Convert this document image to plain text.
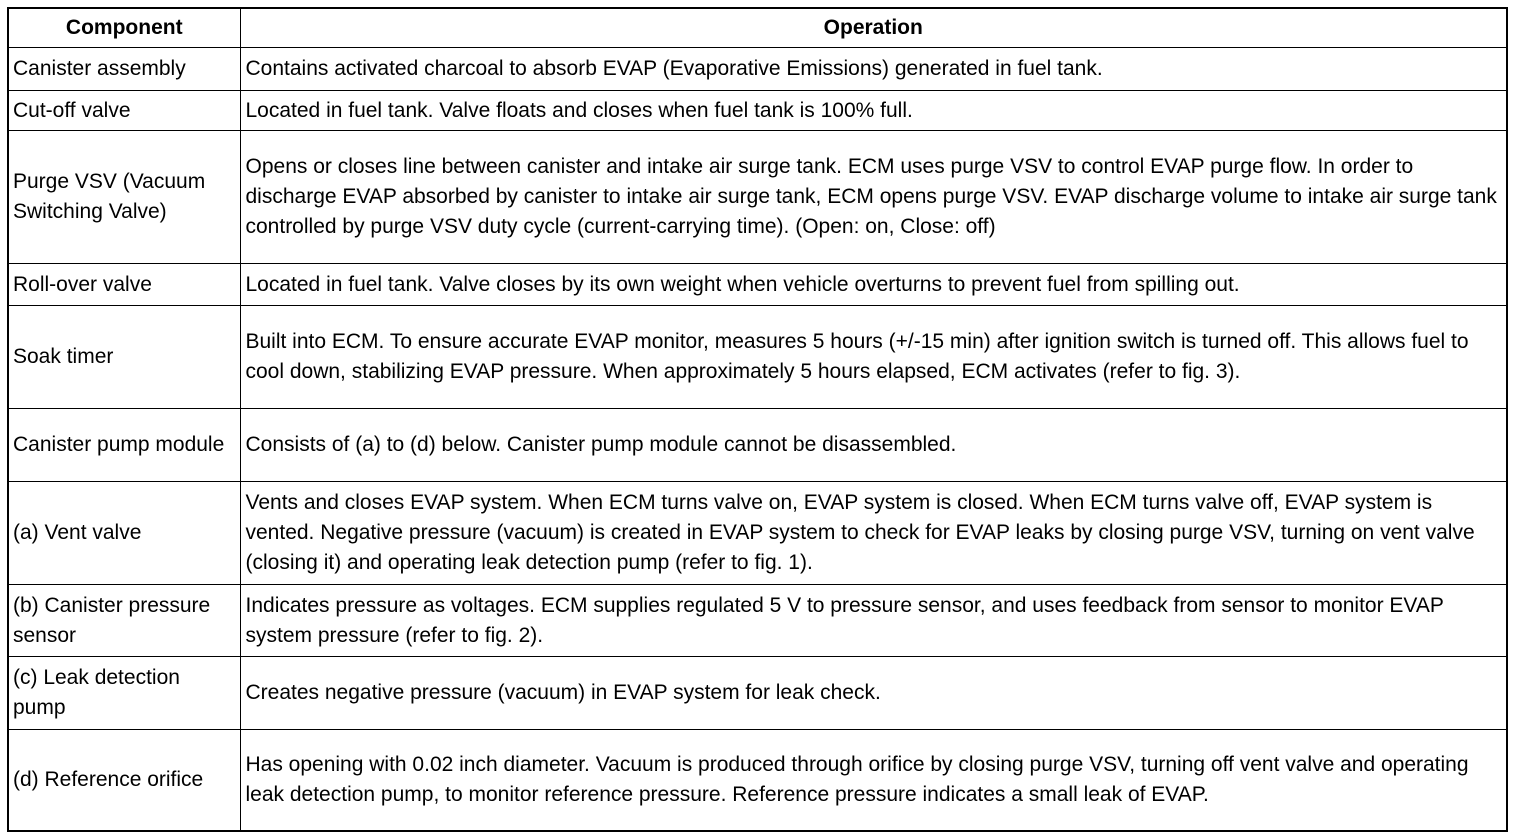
Component	Operation
Canister assembly	Contains activated charcoal to absorb EVAP (Evaporative Emissions) generated in fuel tank.
Cut-off valve	Located in fuel tank. Valve floats and closes when fuel tank is 100% full.
Purge VSV (Vacuum Switching Valve)	Opens or closes line between canister and intake air surge tank. ECM uses purge VSV to control EVAP purge flow. In order to discharge EVAP absorbed by canister to intake air surge tank, ECM opens purge VSV. EVAP discharge volume to intake air surge tank controlled by purge VSV duty cycle (current-carrying time). (Open: on, Close: off)
Roll-over valve	Located in fuel tank. Valve closes by its own weight when vehicle overturns to prevent fuel from spilling out.
Soak timer	Built into ECM. To ensure accurate EVAP monitor, measures 5 hours (+/-15 min) after ignition switch is turned off. This allows fuel to cool down, stabilizing EVAP pressure. When approximately 5 hours elapsed, ECM activates (refer to fig. 3).
Canister pump module	Consists of (a) to (d) below. Canister pump module cannot be disassembled.
(a) Vent valve	Vents and closes EVAP system. When ECM turns valve on, EVAP system is closed. When ECM turns valve off, EVAP system is vented. Negative pressure (vacuum) is created in EVAP system to check for EVAP leaks by closing purge VSV, turning on vent valve (closing it) and operating leak detection pump (refer to fig. 1).
(b) Canister pressure sensor	Indicates pressure as voltages. ECM supplies regulated 5 V to pressure sensor, and uses feedback from sensor to monitor EVAP system pressure (refer to fig. 2).
(c) Leak detection pump	Creates negative pressure (vacuum) in EVAP system for leak check.
(d) Reference orifice	Has opening with 0.02 inch diameter. Vacuum is produced through orifice by closing purge VSV, turning off vent valve and operating leak detection pump, to monitor reference pressure. Reference pressure indicates a small leak of EVAP.
